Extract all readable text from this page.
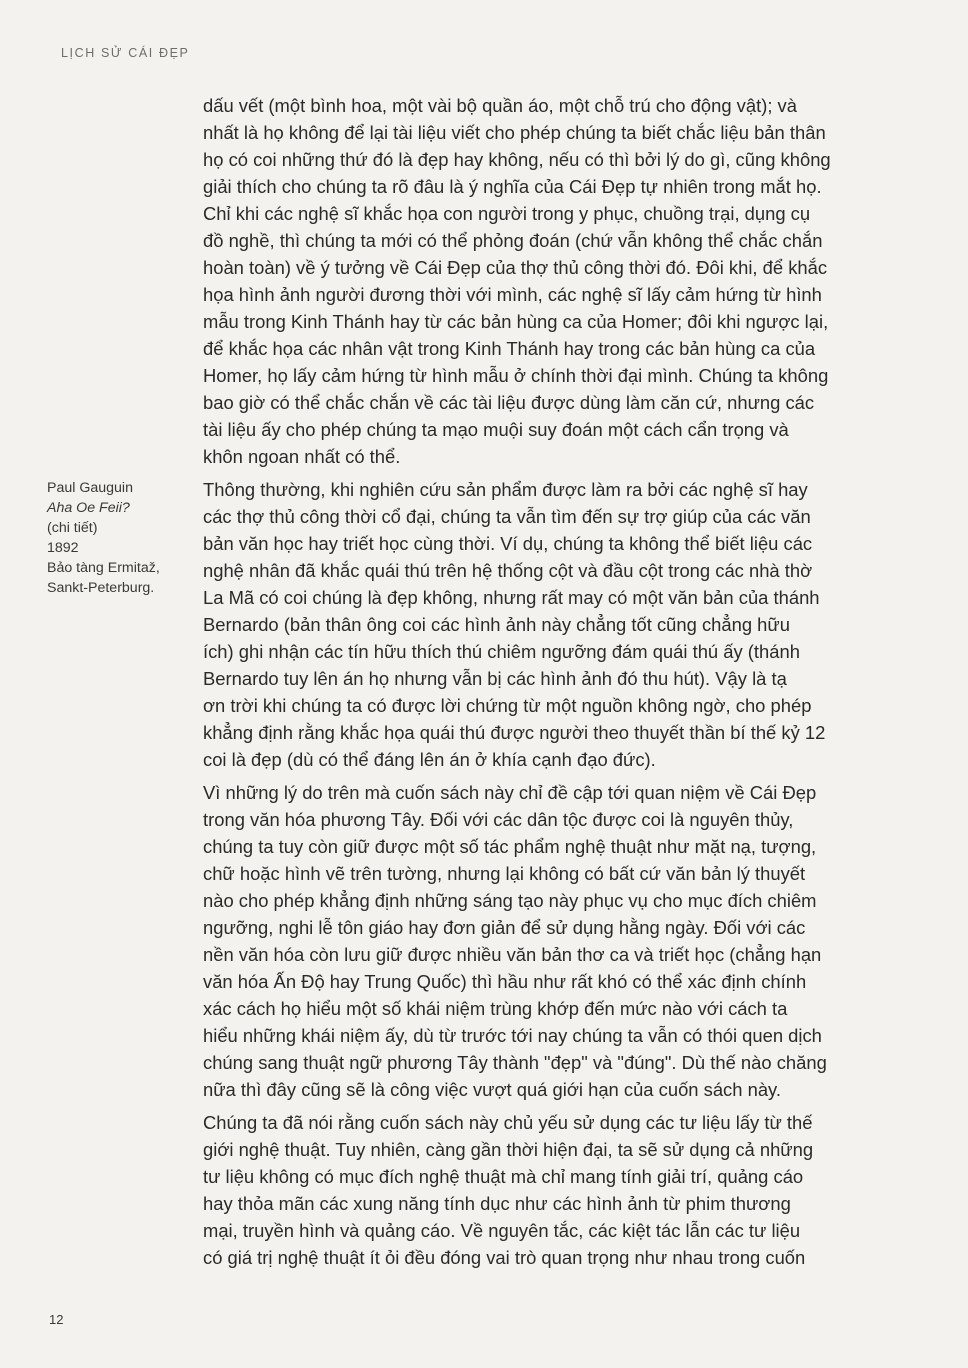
LỊCH SỬ CÁI ĐẸP
Paul Gauguin
Aha Oe Feii?
(chi tiết)
1892
Bảo tàng Ermitaž,
Sankt-Peterburg.

dấu vết (một bình hoa, một vài bộ quần áo, một chỗ trú cho động vật); và
nhất là họ không để lại tài liệu viết cho phép chúng ta biết chắc liệu bản thân
họ có coi những thứ đó là đẹp hay không, nếu có thì bởi lý do gì, cũng không
giải thích cho chúng ta rõ đâu là ý nghĩa của Cái Đẹp tự nhiên trong mắt họ.
Chỉ khi các nghệ sĩ khắc họa con người trong y phục, chuồng trại, dụng cụ
đồ nghề, thì chúng ta mới có thể phỏng đoán (chứ vẫn không thể chắc chắn
hoàn toàn) về ý tưởng về Cái Đẹp của thợ thủ công thời đó. Đôi khi, để khắc
họa hình ảnh người đương thời với mình, các nghệ sĩ lấy cảm hứng từ hình
mẫu trong Kinh Thánh hay từ các bản hùng ca của Homer; đôi khi ngược lại,
để khắc họa các nhân vật trong Kinh Thánh hay trong các bản hùng ca của
Homer, họ lấy cảm hứng từ hình mẫu ở chính thời đại mình. Chúng ta không
bao giờ có thể chắc chắn về các tài liệu được dùng làm căn cứ, nhưng các
tài liệu ấy cho phép chúng ta mạo muội suy đoán một cách cẩn trọng và
khôn ngoan nhất có thể.

Thông thường, khi nghiên cứu sản phẩm được làm ra bởi các nghệ sĩ hay
các thợ thủ công thời cổ đại, chúng ta vẫn tìm đến sự trợ giúp của các văn
bản văn học hay triết học cùng thời. Ví dụ, chúng ta không thể biết liệu các
nghệ nhân đã khắc quái thú trên hệ thống cột và đầu cột trong các nhà thờ
La Mã có coi chúng là đẹp không, nhưng rất may có một văn bản của thánh
Bernardo (bản thân ông coi các hình ảnh này chẳng tốt cũng chẳng hữu
ích) ghi nhận các tín hữu thích thú chiêm ngưỡng đám quái thú ấy (thánh
Bernardo tuy lên án họ nhưng vẫn bị các hình ảnh đó thu hút). Vậy là tạ
ơn trời khi chúng ta có được lời chứng từ một nguồn không ngờ, cho phép
khẳng định rằng khắc họa quái thú được người theo thuyết thần bí thế kỷ 12
coi là đẹp (dù có thể đáng lên án ở khía cạnh đạo đức).

Vì những lý do trên mà cuốn sách này chỉ đề cập tới quan niệm về Cái Đẹp
trong văn hóa phương Tây. Đối với các dân tộc được coi là nguyên thủy,
chúng ta tuy còn giữ được một số tác phẩm nghệ thuật như mặt nạ, tượng,
chữ hoặc hình vẽ trên tường, nhưng lại không có bất cứ văn bản lý thuyết
nào cho phép khẳng định những sáng tạo này phục vụ cho mục đích chiêm
ngưỡng, nghi lễ tôn giáo hay đơn giản để sử dụng hằng ngày. Đối với các
nền văn hóa còn lưu giữ được nhiều văn bản thơ ca và triết học (chẳng hạn
văn hóa Ấn Độ hay Trung Quốc) thì hầu như rất khó có thể xác định chính
xác cách họ hiểu một số khái niệm trùng khớp đến mức nào với cách ta
hiểu những khái niệm ấy, dù từ trước tới nay chúng ta vẫn có thói quen dịch
chúng sang thuật ngữ phương Tây thành "đẹp" và "đúng". Dù thế nào chăng
nữa thì đây cũng sẽ là công việc vượt quá giới hạn của cuốn sách này.

Chúng ta đã nói rằng cuốn sách này chủ yếu sử dụng các tư liệu lấy từ thế
giới nghệ thuật. Tuy nhiên, càng gần thời hiện đại, ta sẽ sử dụng cả những
tư liệu không có mục đích nghệ thuật mà chỉ mang tính giải trí, quảng cáo
hay thỏa mãn các xung năng tính dục như các hình ảnh từ phim thương
mại, truyền hình và quảng cáo. Về nguyên tắc, các kiệt tác lẫn các tư liệu
có giá trị nghệ thuật ít ỏi đều đóng vai trò quan trọng như nhau trong cuốn

12
